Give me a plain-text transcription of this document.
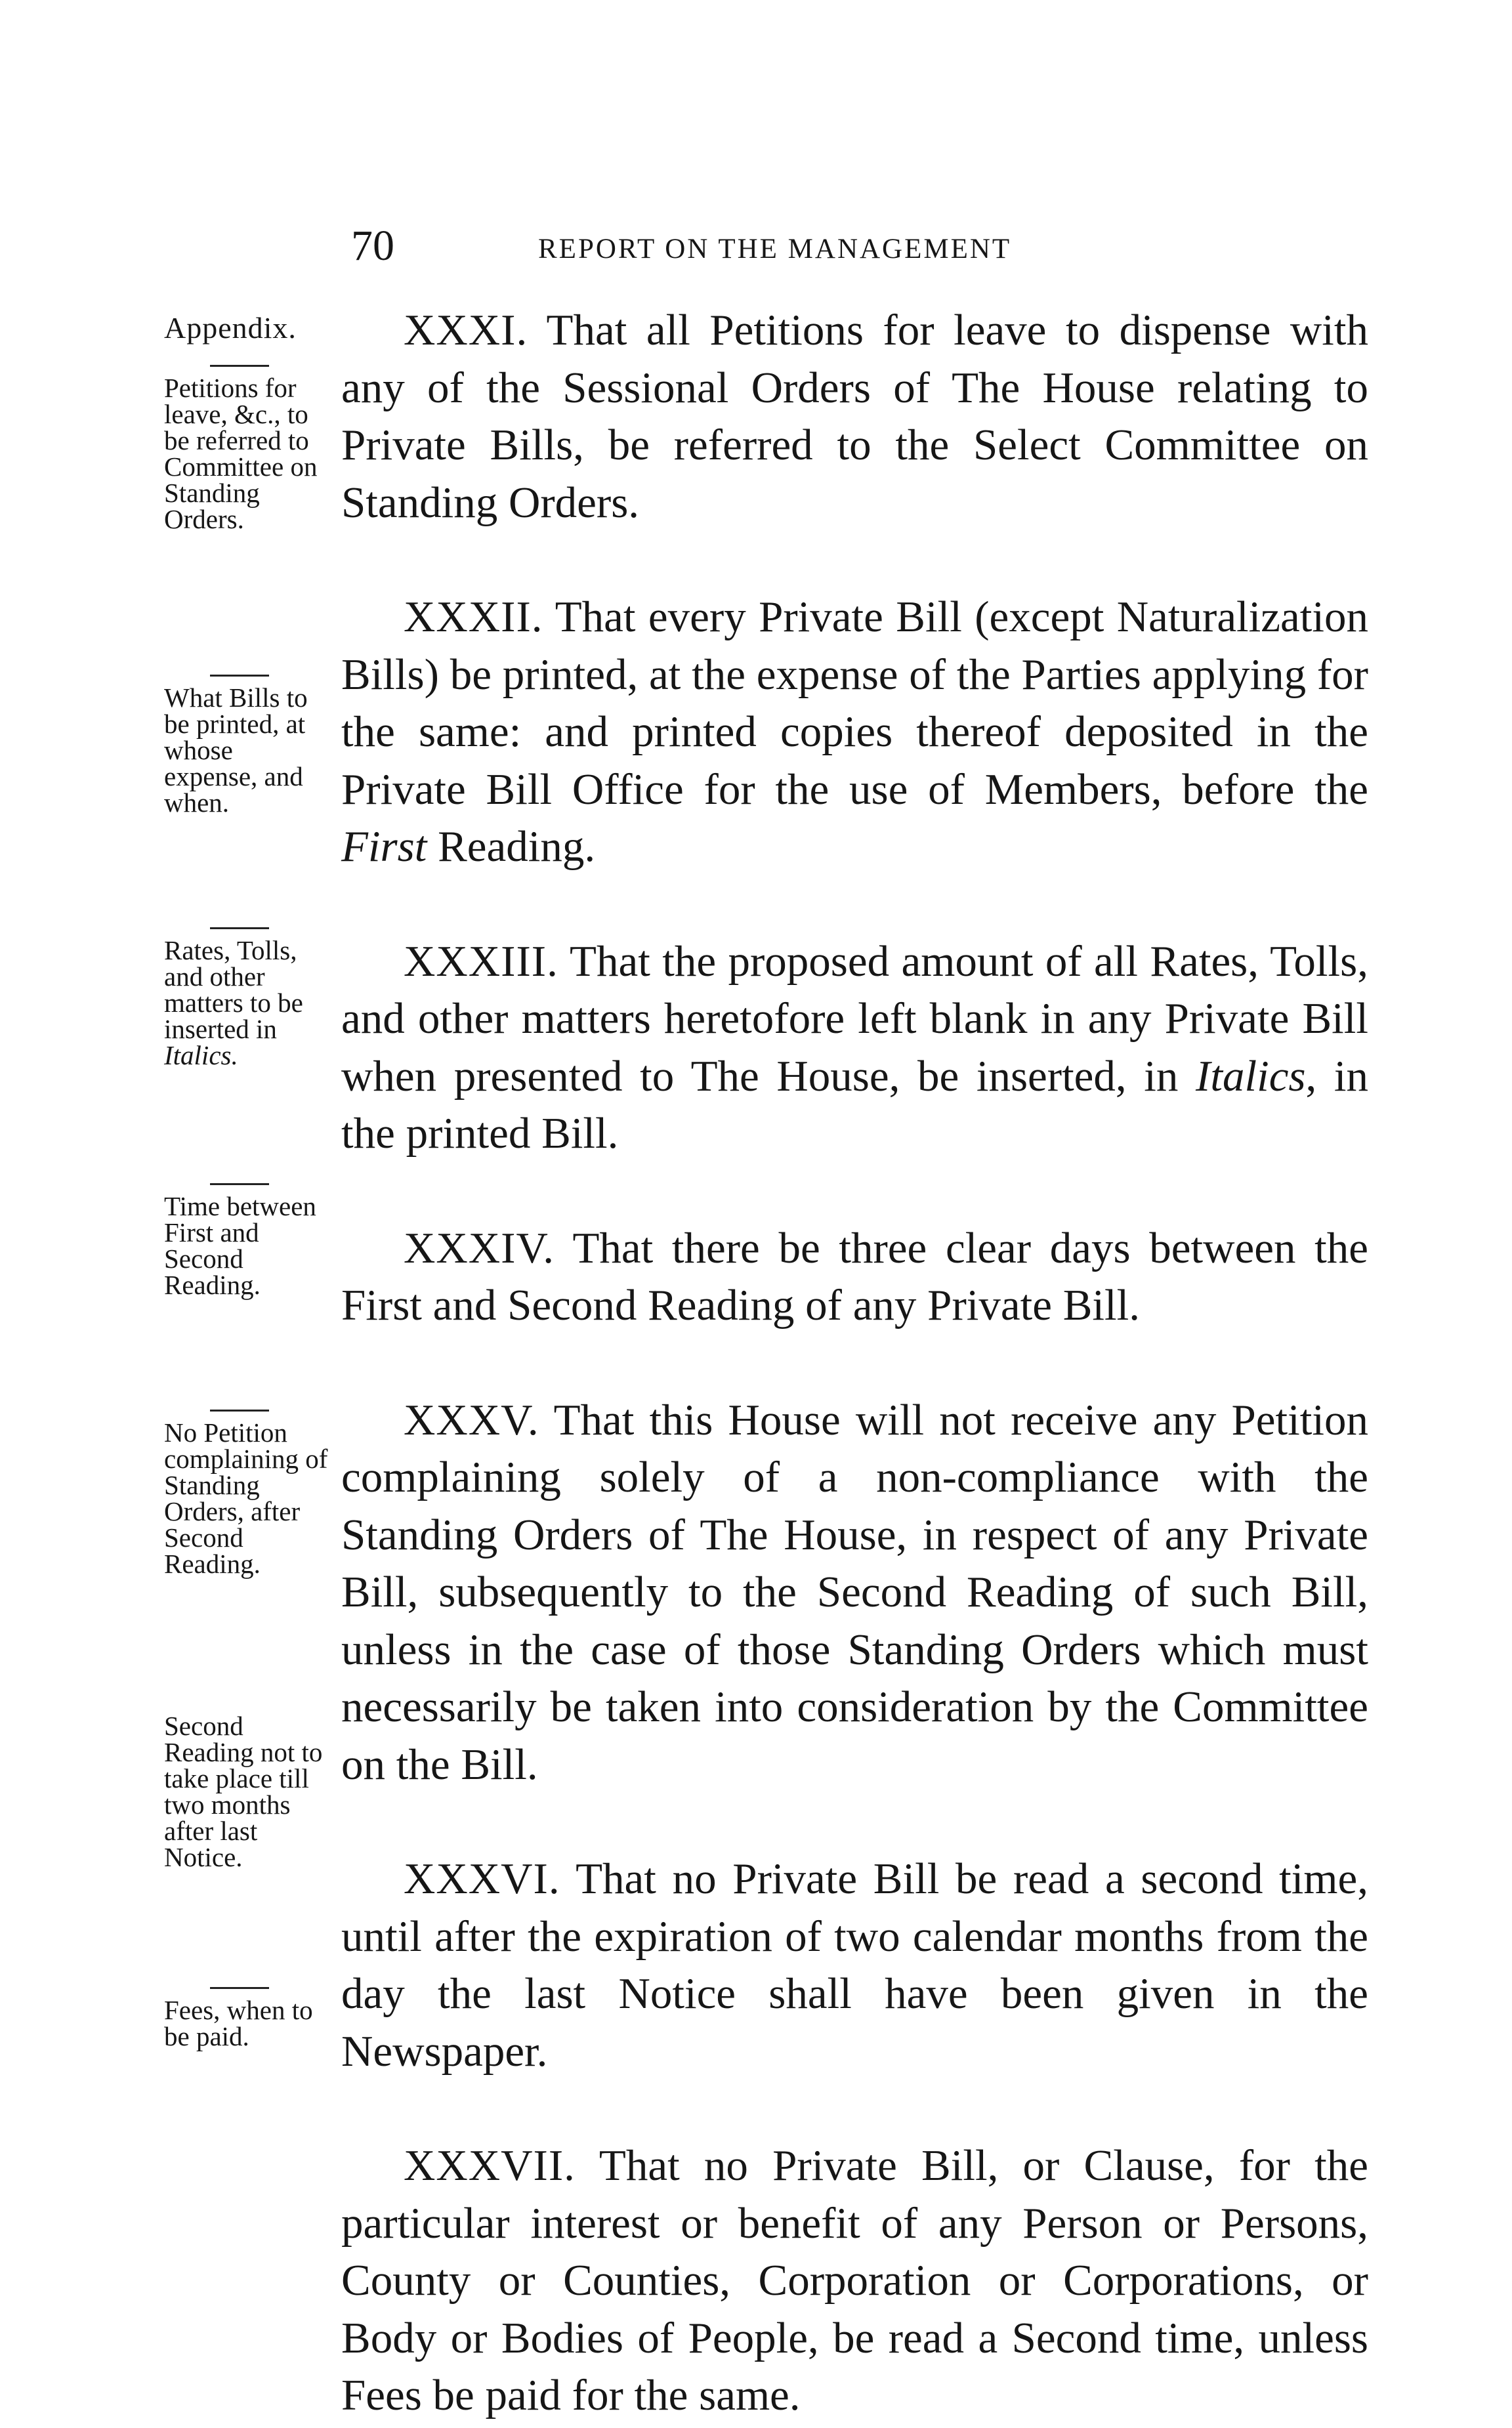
70	REPORT ON THE MANAGEMENT

Appendix.

Petitions for leave, &c., to be referred to Committee on Standing Orders.

What Bills to be printed, at whose expense, and when.

Rates, Tolls, and other matters to be inserted in Italics.

Time between First and Second Reading.

No Petition complaining of Standing Orders, after Second Reading.

Second Reading not to take place till two months after last Notice.

Fees, when to be paid.

XXXI. That all Petitions for leave to dispense with any of the Sessional Orders of The House relating to Private Bills, be referred to the Select Committee on Standing Orders.

XXXII. That every Private Bill (except Naturalization Bills) be printed, at the expense of the Parties applying for the same: and printed copies thereof deposited in the Private Bill Office for the use of Members, before the First Reading.

XXXIII. That the proposed amount of all Rates, Tolls, and other matters heretofore left blank in any Private Bill when presented to The House, be inserted, in Italics, in the printed Bill.

XXXIV. That there be three clear days between the First and Second Reading of any Private Bill.

XXXV. That this House will not receive any Petition complaining solely of a non-compliance with the Standing Orders of The House, in respect of any Private Bill, subsequently to the Second Reading of such Bill, unless in the case of those Standing Orders which must necessarily be taken into consideration by the Committee on the Bill.

XXXVI. That no Private Bill be read a second time, until after the expiration of two calendar months from the day the last Notice shall have been given in the Newspaper.

XXXVII. That no Private Bill, or Clause, for the particular interest or benefit of any Person or Persons, County or Counties, Corporation or Corporations, or Body or Bodies of People, be read a Second time, unless Fees be paid for the same.
